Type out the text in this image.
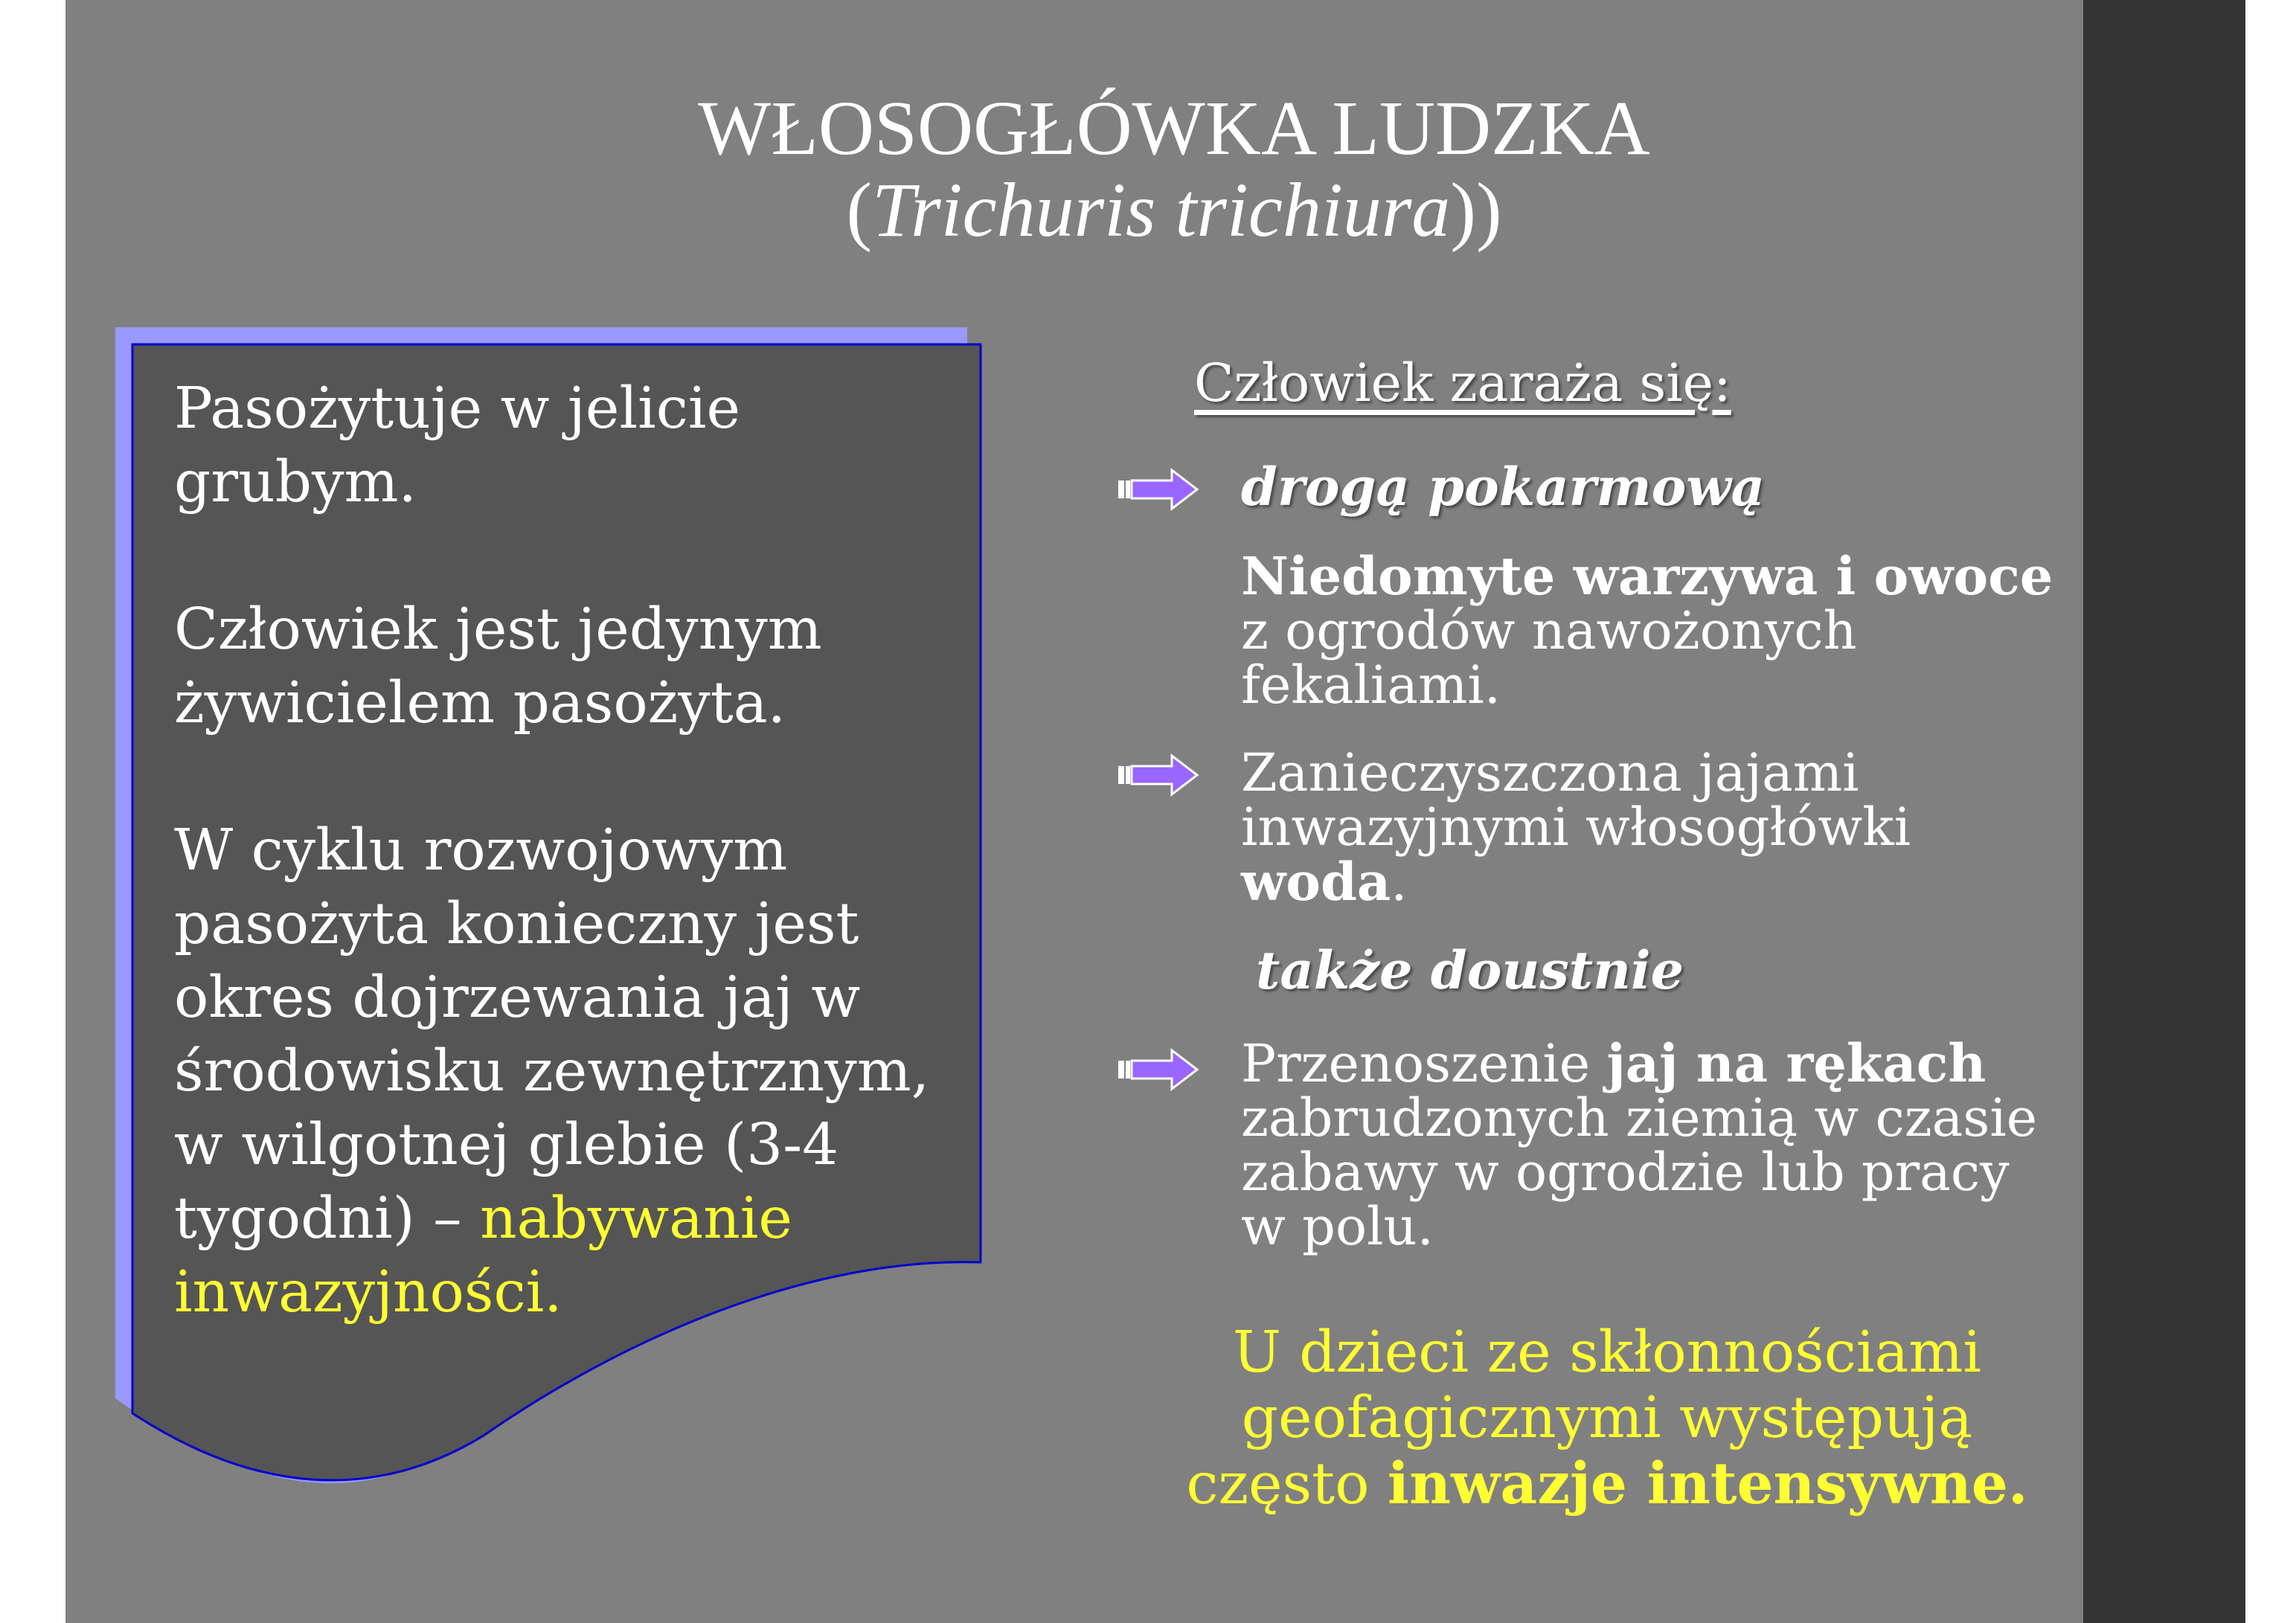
WŁOSOGŁÓWKA LUDZKA
(Trichuris trichiura))

Pasożytuje w jelicie grubym.

Człowiek jest jedynym żywicielem pasożyta.

W cyklu rozwojowym pasożyta konieczny jest okres dojrzewania jaj w środowisku zewnętrznym, w wilgotnej glebie (3-4 tygodni) – nabywanie inwazyjności.

Człowiek zaraża się:
drogą pokarmową
Niedomyte warzywa i owoce z ogrodów nawożonych fekaliami.
Zanieczyszczona jajami inwazyjnymi włosogłówki woda.
także doustnie
Przenoszenie jaj na rękach zabrudzonych ziemią w czasie zabawy w ogrodzie lub pracy w polu.
U dzieci ze skłonnościami geofagicznymi występują często inwazje intensywne.
